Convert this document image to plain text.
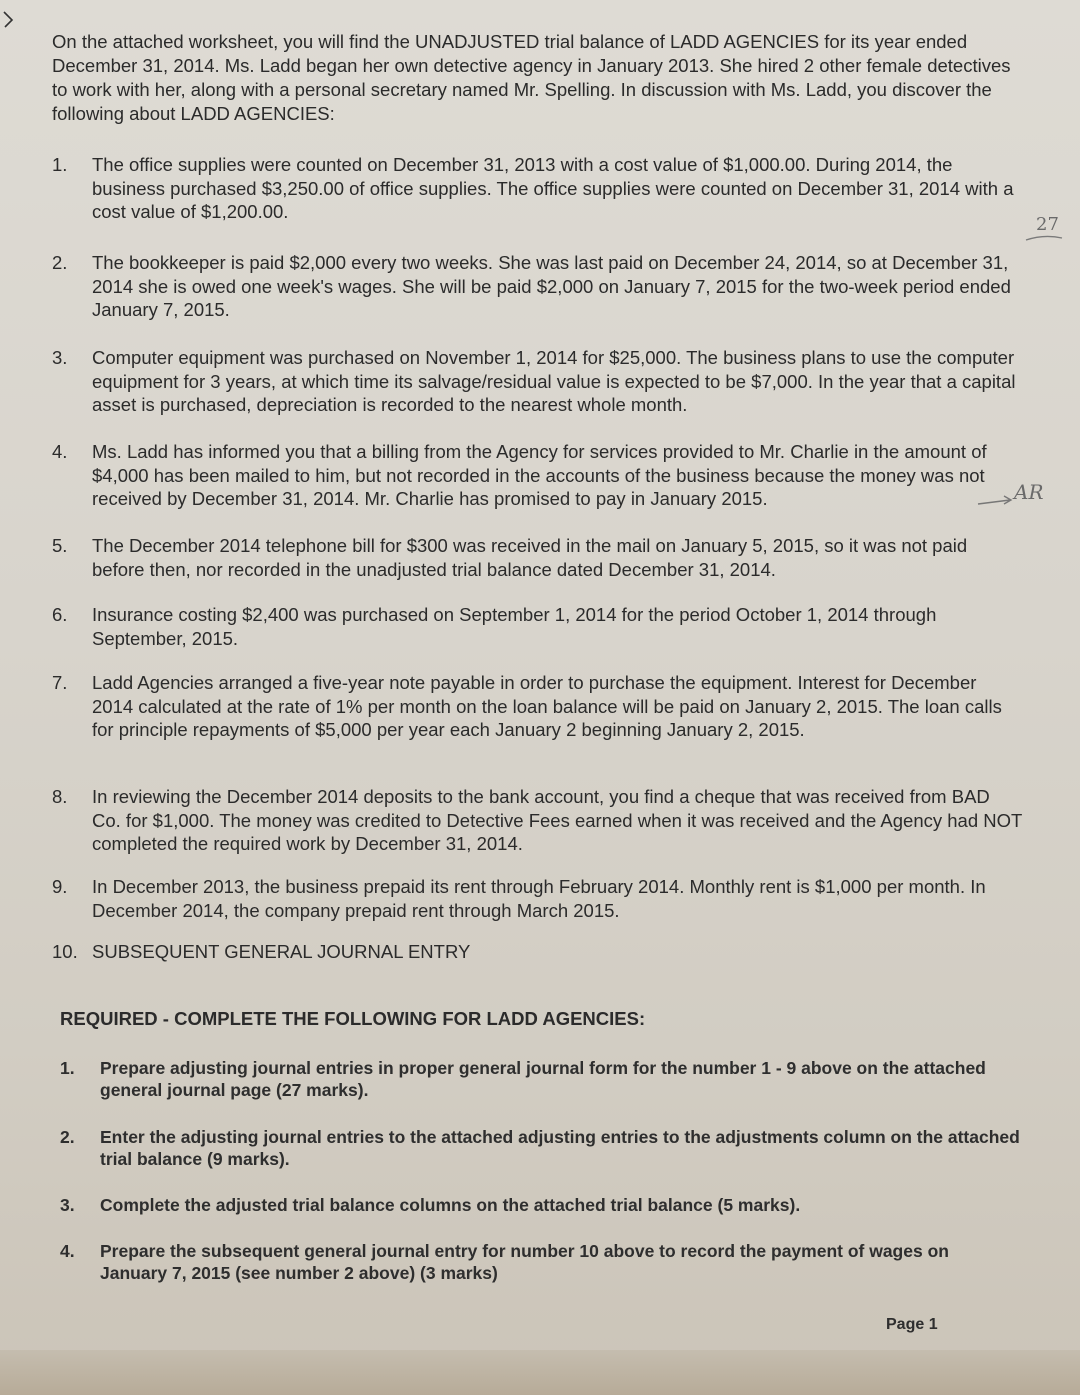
On the attached worksheet, you will find the UNADJUSTED trial balance of LADD AGENCIES for its year ended December 31, 2014. Ms. Ladd began her own detective agency in January 2013. She hired 2 other female detectives to work with her, along with a personal secretary named Mr. Spelling. In discussion with Ms. Ladd, you discover the following about LADD AGENCIES:
1.	The office supplies were counted on December 31, 2013 with a cost value of $1,000.00. During 2014, the business purchased $3,250.00 of office supplies. The office supplies were counted on December 31, 2014 with a cost value of $1,200.00.
2.	The bookkeeper is paid $2,000 every two weeks. She was last paid on December 24, 2014, so at December 31, 2014 she is owed one week's wages. She will be paid $2,000 on January 7, 2015 for the two-week period ended January 7, 2015.
3.	Computer equipment was purchased on November 1, 2014 for $25,000. The business plans to use the computer equipment for 3 years, at which time its salvage/residual value is expected to be $7,000. In the year that a capital asset is purchased, depreciation is recorded to the nearest whole month.
4.	Ms. Ladd has informed you that a billing from the Agency for services provided to Mr. Charlie in the amount of $4,000 has been mailed to him, but not recorded in the accounts of the business because the money was not received by December 31, 2014. Mr. Charlie has promised to pay in January 2015.
5.	The December 2014 telephone bill for $300 was received in the mail on January 5, 2015, so it was not paid before then, nor recorded in the unadjusted trial balance dated December 31, 2014.
6.	Insurance costing $2,400 was purchased on September 1, 2014 for the period October 1, 2014 through September, 2015.
7.	Ladd Agencies arranged a five-year note payable in order to purchase the equipment. Interest for December 2014 calculated at the rate of 1% per month on the loan balance will be paid on January 2, 2015. The loan calls for principle repayments of $5,000 per year each January 2 beginning January 2, 2015.
8.	In reviewing the December 2014 deposits to the bank account, you find a cheque that was received from BAD Co. for $1,000. The money was credited to Detective Fees earned when it was received and the Agency had NOT completed the required work by December 31, 2014.
9.	In December 2013, the business prepaid its rent through February 2014. Monthly rent is $1,000 per month. In December 2014, the company prepaid rent through March 2015.
10. SUBSEQUENT GENERAL JOURNAL ENTRY
REQUIRED - COMPLETE THE FOLLOWING FOR LADD AGENCIES:
1.	Prepare adjusting journal entries in proper general journal form for the number 1 - 9 above on the attached general journal page (27 marks).
2.	Enter the adjusting journal entries to the attached adjusting entries to the adjustments column on the attached trial balance (9 marks).
3.	Complete the adjusted trial balance columns on the attached trial balance (5 marks).
4.	Prepare the subsequent general journal entry for number 10 above to record the payment of wages on January 7, 2015 (see number 2 above) (3 marks)
27
AR
Page 1
